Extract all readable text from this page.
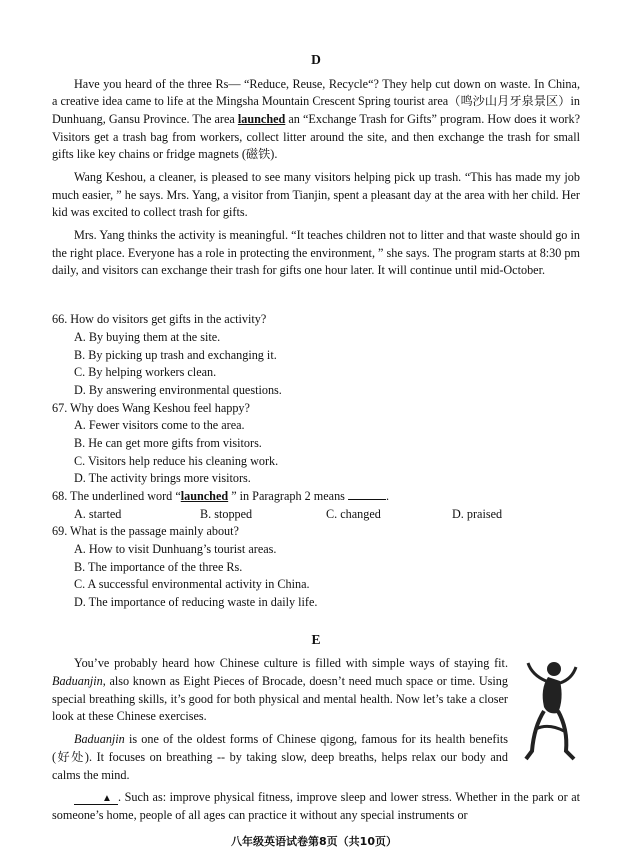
D

Have you heard of the three Rs— “Reduce, Reuse, Recycle“? They help cut down on waste. In China, a creative idea came to life at the Mingsha Mountain Crescent Spring tourist area（鸣沙山月牙泉景区）in Dunhuang, Gansu Province. The area launched an “Exchange Trash for Gifts” program. How does it work? Visitors get a trash bag from workers, collect litter around the site, and then exchange the trash for small gifts like key chains or fridge magnets (磁铁).

Wang Keshou, a cleaner, is pleased to see many visitors helping pick up trash. “This has made my job much easier, ” he says. Mrs. Yang, a visitor from Tianjin, spent a pleasant day at the area with her child. Her kid was excited to collect trash for gifts.

Mrs. Yang thinks the activity is meaningful. “It teaches children not to litter and that waste should go in the right place. Everyone has a role in protecting the environment, ” she says. The program starts at 8:30 pm daily, and visitors can exchange their trash for gifts one hour later. It will continue until mid-October.

66. How do visitors get gifts in the activity?
A. By buying them at the site.
B. By picking up trash and exchanging it.
C. By helping workers clean.
D. By answering environmental questions.
67. Why does Wang Keshou feel happy?
A. Fewer visitors come to the area.
B. He can get more gifts from visitors.
C. Visitors help reduce his cleaning work.
D. The activity brings more visitors.
68. The underlined word “launched ” in Paragraph 2 means	.
A. started	B. stopped	C. changed	D. praised
69. What is the passage mainly about?
A. How to visit Dunhuang’s tourist areas.
B. The importance of the three Rs.
C. A successful environmental activity in China.
D. The importance of reducing waste in daily life.
E

You’ve probably heard how Chinese culture is filled with simple ways of staying fit. Baduanjin, also known as Eight Pieces of Brocade, doesn’t need much space or time. Using special breathing skills, it’s good for both physical and mental health. Now let’s take a closer look at these Chinese exercises.

Baduanjin is one of the oldest forms of Chinese qigong, famous for its health benefits (好处). It focuses on breathing -- by taking slow, deep breaths, helps relax our body and calms the mind.

▲ . Such as: improve physical fitness, improve sleep and lower stress. Whether in the park or at someone’s home, people of all ages can practice it without any special instruments or

八年级英语试卷第8页（共10页）
